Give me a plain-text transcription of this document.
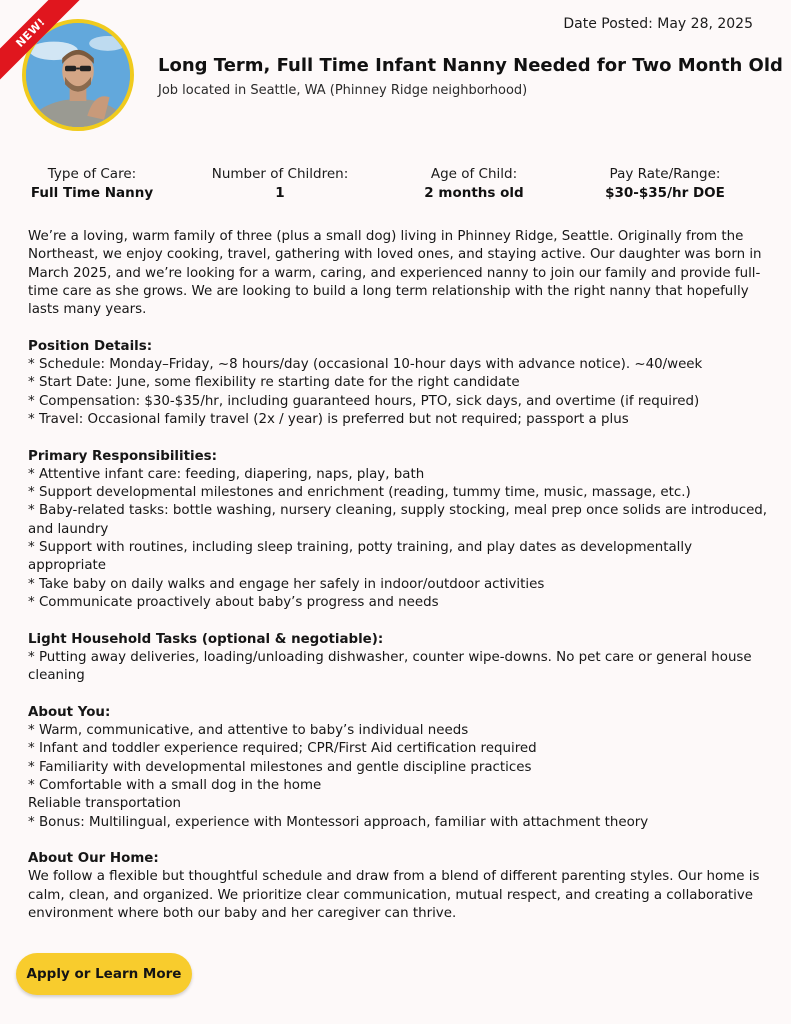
NEW!	Date Posted: May 28, 2025
Long Term, Full Time Infant Nanny Needed for Two Month Old
Job located in Seattle, WA (Phinney Ridge neighborhood)
Type of Care:
Full Time Nanny
Number of Children:
1
Age of Child:
2 months old
Pay Rate/Range:
$30-$35/hr DOE

We’re a loving, warm family of three (plus a small dog) living in Phinney Ridge, Seattle. Originally from the Northeast, we enjoy cooking, travel, gathering with loved ones, and staying active. Our daughter was born in March 2025, and we’re looking for a warm, caring, and experienced nanny to join our family and provide full-time care as she grows. We are looking to build a long term relationship with the right nanny that hopefully lasts many years.

Position Details:
* Schedule: Monday–Friday, ~8 hours/day (occasional 10-hour days with advance notice). ~40/week
* Start Date: June, some flexibility re starting date for the right candidate
* Compensation: $30-$35/hr, including guaranteed hours, PTO, sick days, and overtime (if required)
* Travel: Occasional family travel (2x / year) is preferred but not required; passport a plus
Primary Responsibilities:
* Attentive infant care: feeding, diapering, naps, play, bath
* Support developmental milestones and enrichment (reading, tummy time, music, massage, etc.)
* Baby-related tasks: bottle washing, nursery cleaning, supply stocking, meal prep once solids are introduced, and laundry
* Support with routines, including sleep training, potty training, and play dates as developmentally appropriate
* Take baby on daily walks and engage her safely in indoor/outdoor activities
* Communicate proactively about baby’s progress and needs
Light Household Tasks (optional & negotiable):
* Putting away deliveries, loading/unloading dishwasher, counter wipe-downs. No pet care or general house cleaning
About You:
* Warm, communicative, and attentive to baby’s individual needs
* Infant and toddler experience required; CPR/First Aid certification required
* Familiarity with developmental milestones and gentle discipline practices
* Comfortable with a small dog in the home
Reliable transportation
* Bonus: Multilingual, experience with Montessori approach, familiar with attachment theory
About Our Home:
We follow a flexible but thoughtful schedule and draw from a blend of different parenting styles. Our home is calm, clean, and organized. We prioritize clear communication, mutual respect, and creating a collaborative environment where both our baby and her caregiver can thrive.
Apply or Learn More
